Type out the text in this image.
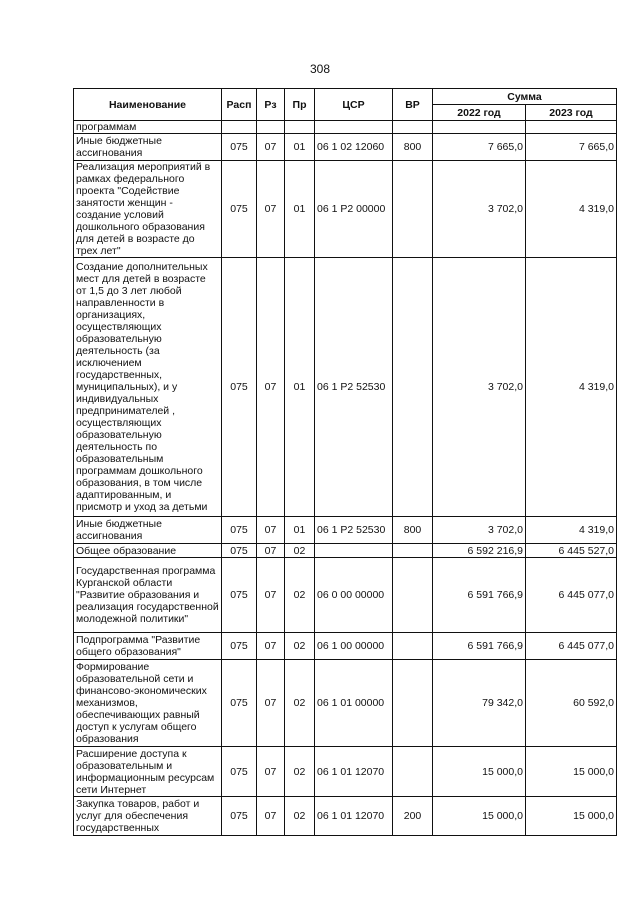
308
Наименование	Расп	Рз	Пр	ЦСР	ВР	Сумма	
						2022 год	2023 год
программам							
Иные бюджетные ассигнования	075	07	01	06 1 02 12060	800	7 665,0	7 665,0
Реализация мероприятий в рамках федерального проекта "Содействие занятости женщин - создание условий дошкольного образования для детей в возрасте до трех лет"	075	07	01	06 1 P2 00000		3 702,0	4 319,0
Создание дополнительных мест для детей в возрасте от 1,5 до 3 лет любой направленности в организациях, осуществляющих образовательную деятельность (за исключением государственных, муниципальных), и у индивидуальных предпринимателей , осуществляющих образовательную деятельность по образовательным программам дошкольного образования, в том числе адаптированным, и присмотр и уход за детьми	075	07	01	06 1 P2 52530		3 702,0	4 319,0
Иные бюджетные ассигнования	075	07	01	06 1 P2 52530	800	3 702,0	4 319,0
Общее образование	075	07	02			6 592 216,9	6 445 527,0
Государственная программа Курганской области "Развитие образования и реализация государственной молодежной политики"	075	07	02	06 0 00 00000		6 591 766,9	6 445 077,0
Подпрограмма "Развитие общего образования"	075	07	02	06 1 00 00000		6 591 766,9	6 445 077,0
Формирование образовательной сети и финансово-экономических механизмов, обеспечивающих равный доступ к услугам общего образования	075	07	02	06 1 01 00000		79 342,0	60 592,0
Расширение доступа к образовательным и информационным ресурсам сети Интернет	075	07	02	06 1 01 12070		15 000,0	15 000,0
Закупка товаров, работ и услуг для обеспечения государственных	075	07	02	06 1 01 12070	200	15 000,0	15 000,0
